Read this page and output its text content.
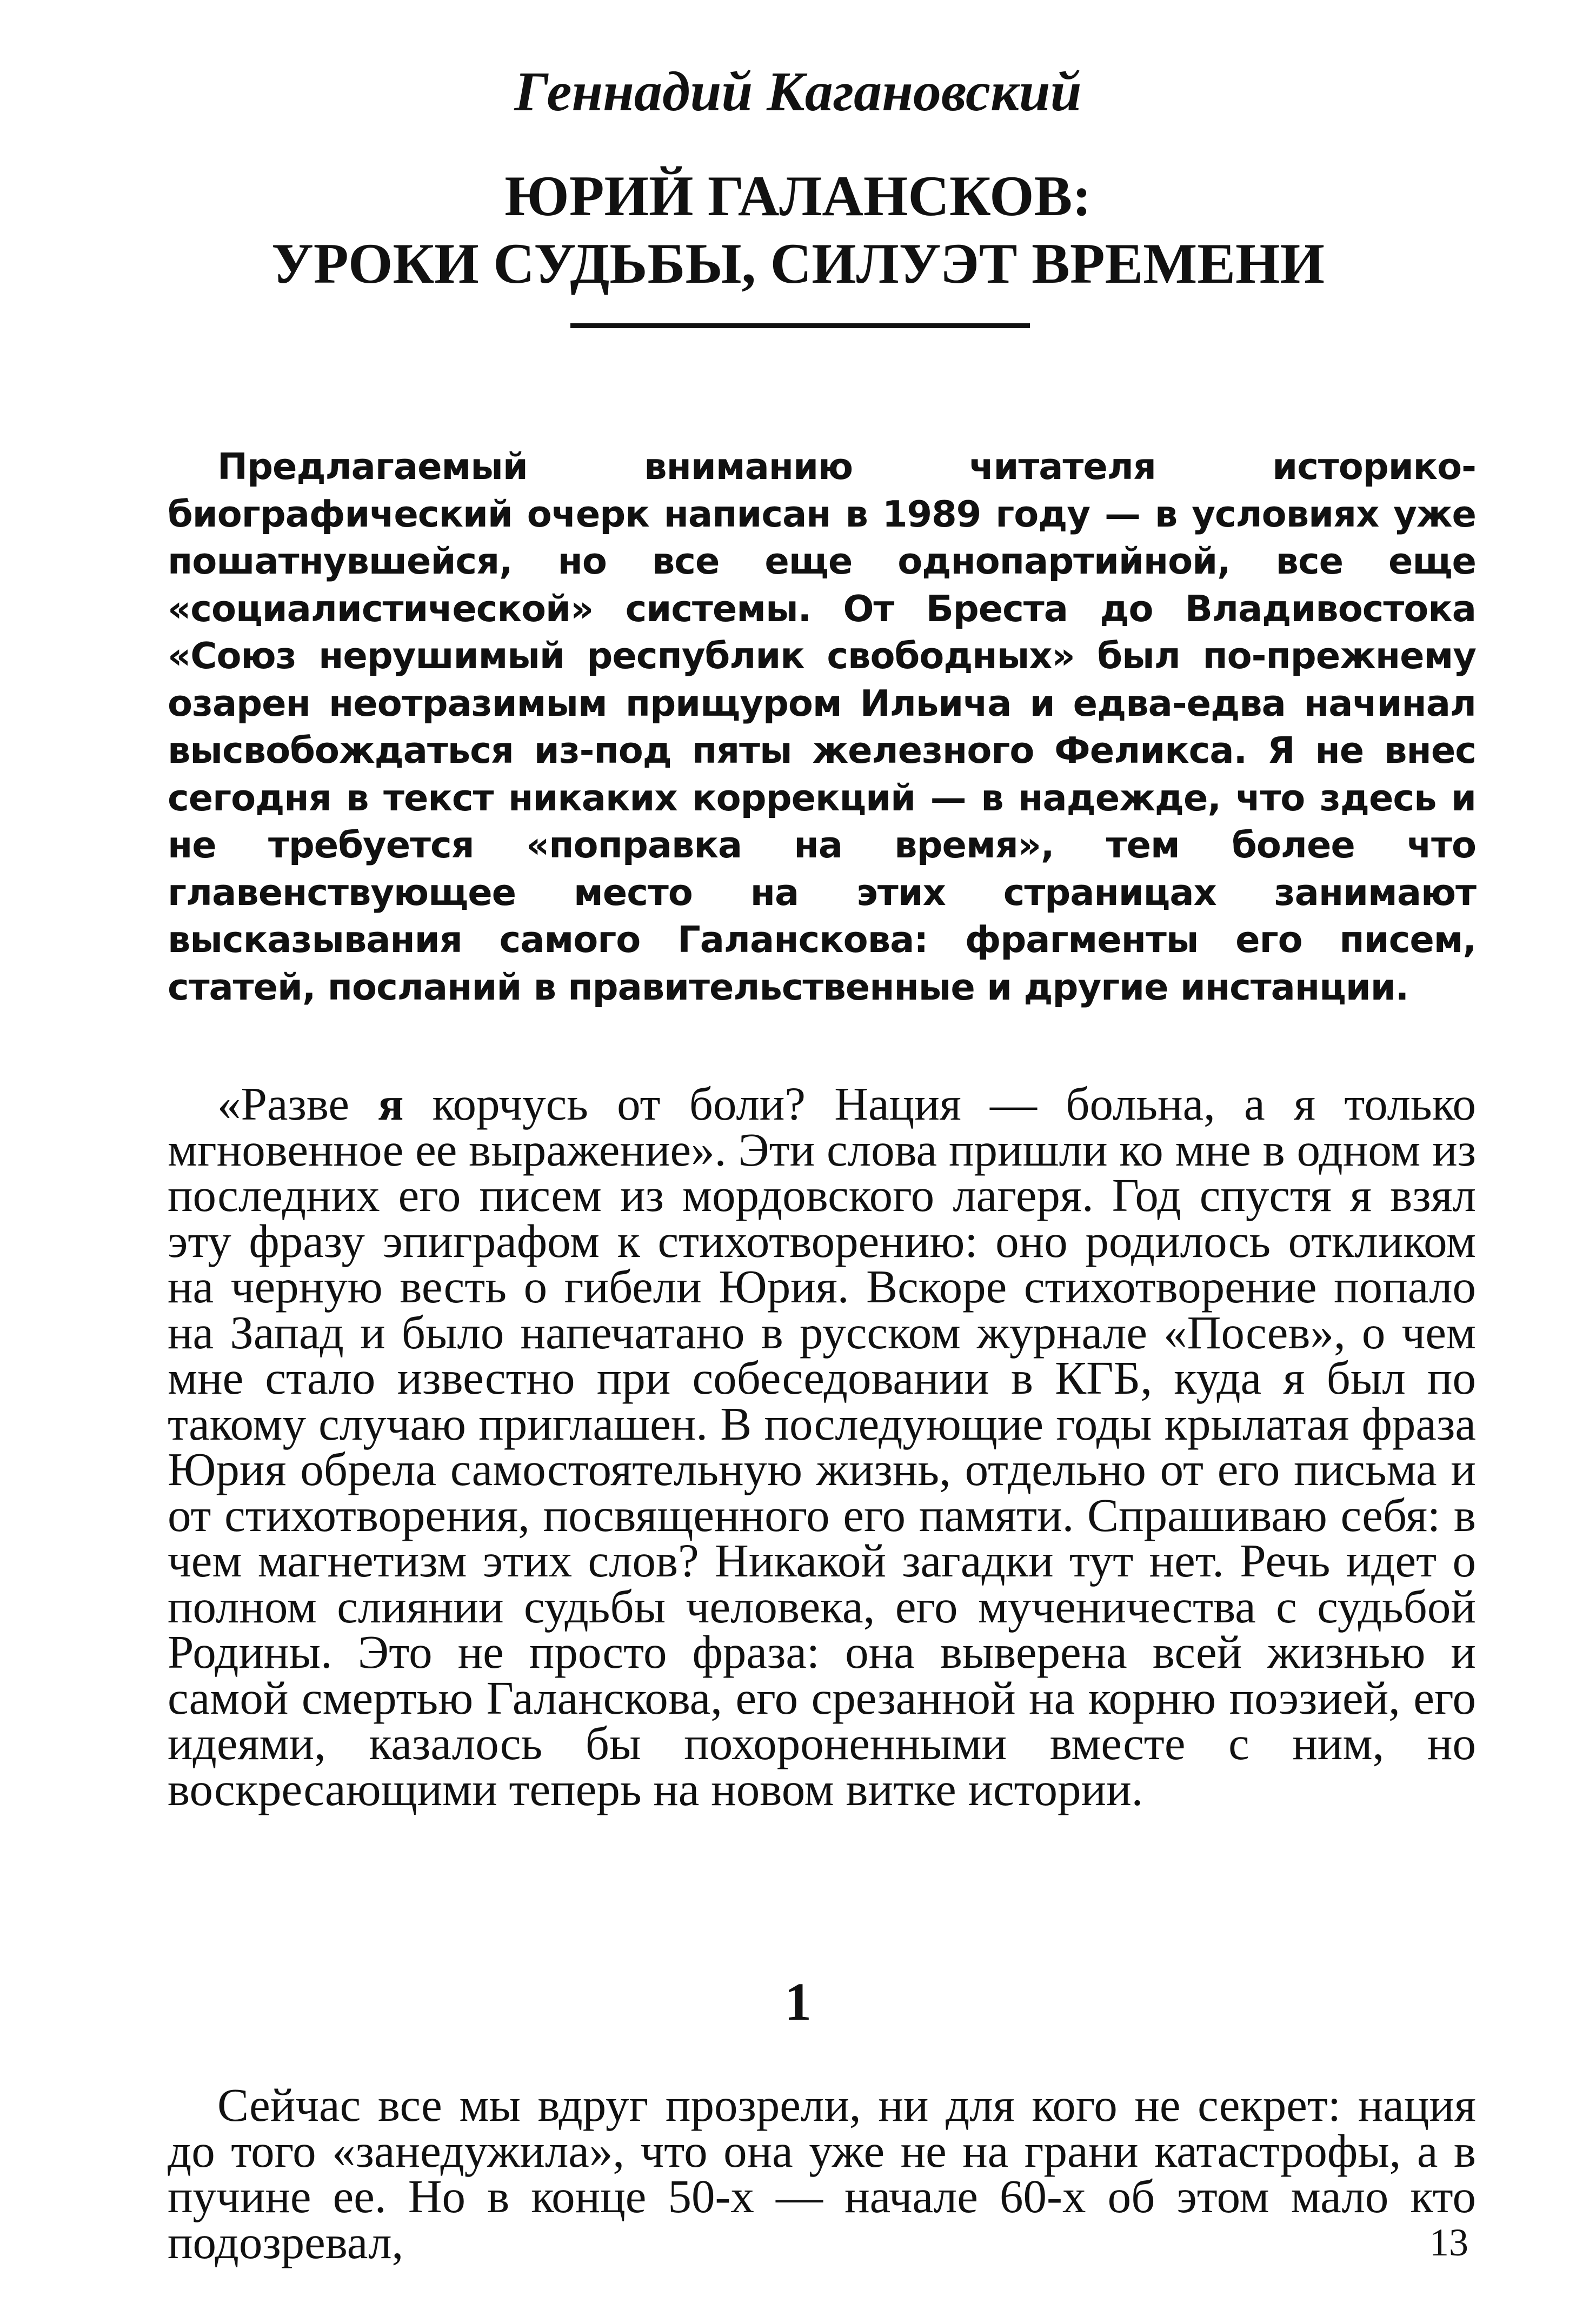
Геннадий Кагановский
ЮРИЙ ГАЛАНСКОВ:
УРОКИ СУДЬБЫ, СИЛУЭТ ВРЕМЕНИ

Предлагаемый вниманию читателя историко-биографический очерк написан в 1989 году — в условиях уже пошатнувшейся, но все еще однопартийной, все еще «социалистической» системы. От Бреста до Владивостока «Союз нерушимый республик свободных» был по-прежнему озарен неотразимым прищуром Ильича и едва-едва начинал высвобождаться из-под пяты железного Феликса. Я не внес сегодня в текст никаких коррекций — в надежде, что здесь и не требуется «поправка на время», тем более что главенствующее место на этих страницах занимают высказывания самого Галанскова: фрагменты его писем, статей, посланий в правительственные и другие инстанции.

«Разве я корчусь от боли? Нация — больна, а я только мгновенное ее выражение». Эти слова пришли ко мне в одном из последних его писем из мордовского лагеря. Год спустя я взял эту фразу эпиграфом к стихотворению: оно родилось откликом на черную весть о гибели Юрия. Вскоре стихотворение попало на Запад и было напечатано в русском журнале «Посев», о чем мне стало известно при собеседовании в КГБ, куда я был по такому случаю приглашен. В последующие годы крылатая фраза Юрия обрела самостоятельную жизнь, отдельно от его письма и от стихотворения, посвященного его памяти. Спрашиваю себя: в чем магнетизм этих слов? Никакой загадки тут нет. Речь идет о полном слиянии судьбы человека, его мученичества с судьбой Родины. Это не просто фраза: она выверена всей жизнью и самой смертью Галанскова, его срезанной на корню поэзией, его идеями, казалось бы похороненными вместе с ним, но воскресающими теперь на новом витке истории.

1

Сейчас все мы вдруг прозрели, ни для кого не секрет: нация до того «занедужила», что она уже не на грани катастрофы, а в пучине ее. Но в конце 50-х — начале 60-х об этом мало кто подозревал,	13
